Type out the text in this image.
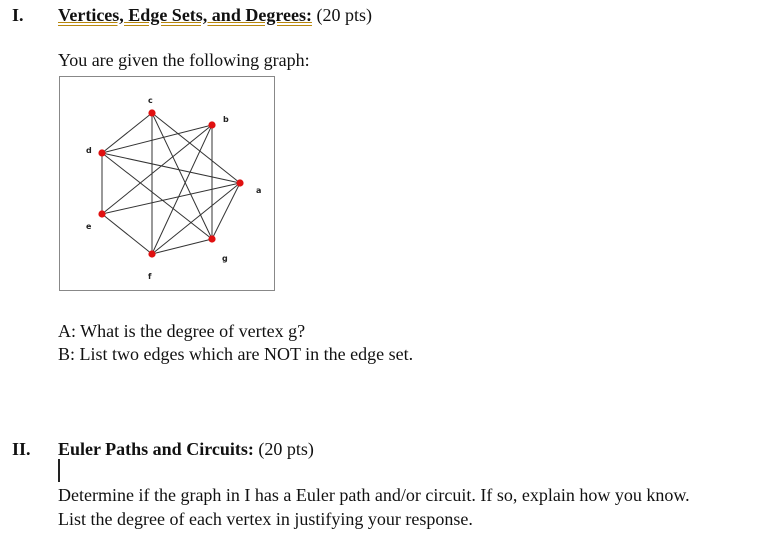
I. Vertices, Edge Sets, and Degrees: (20 pts)
You are given the following graph:
a
b
c
d
e
f
g
A: What is the degree of vertex g?
B: List two edges which are NOT in the edge set.
II. Euler Paths and Circuits: (20 pts)
Determine if the graph in I has a Euler path and/or circuit. If so, explain how you know.
List the degree of each vertex in justifying your response.
